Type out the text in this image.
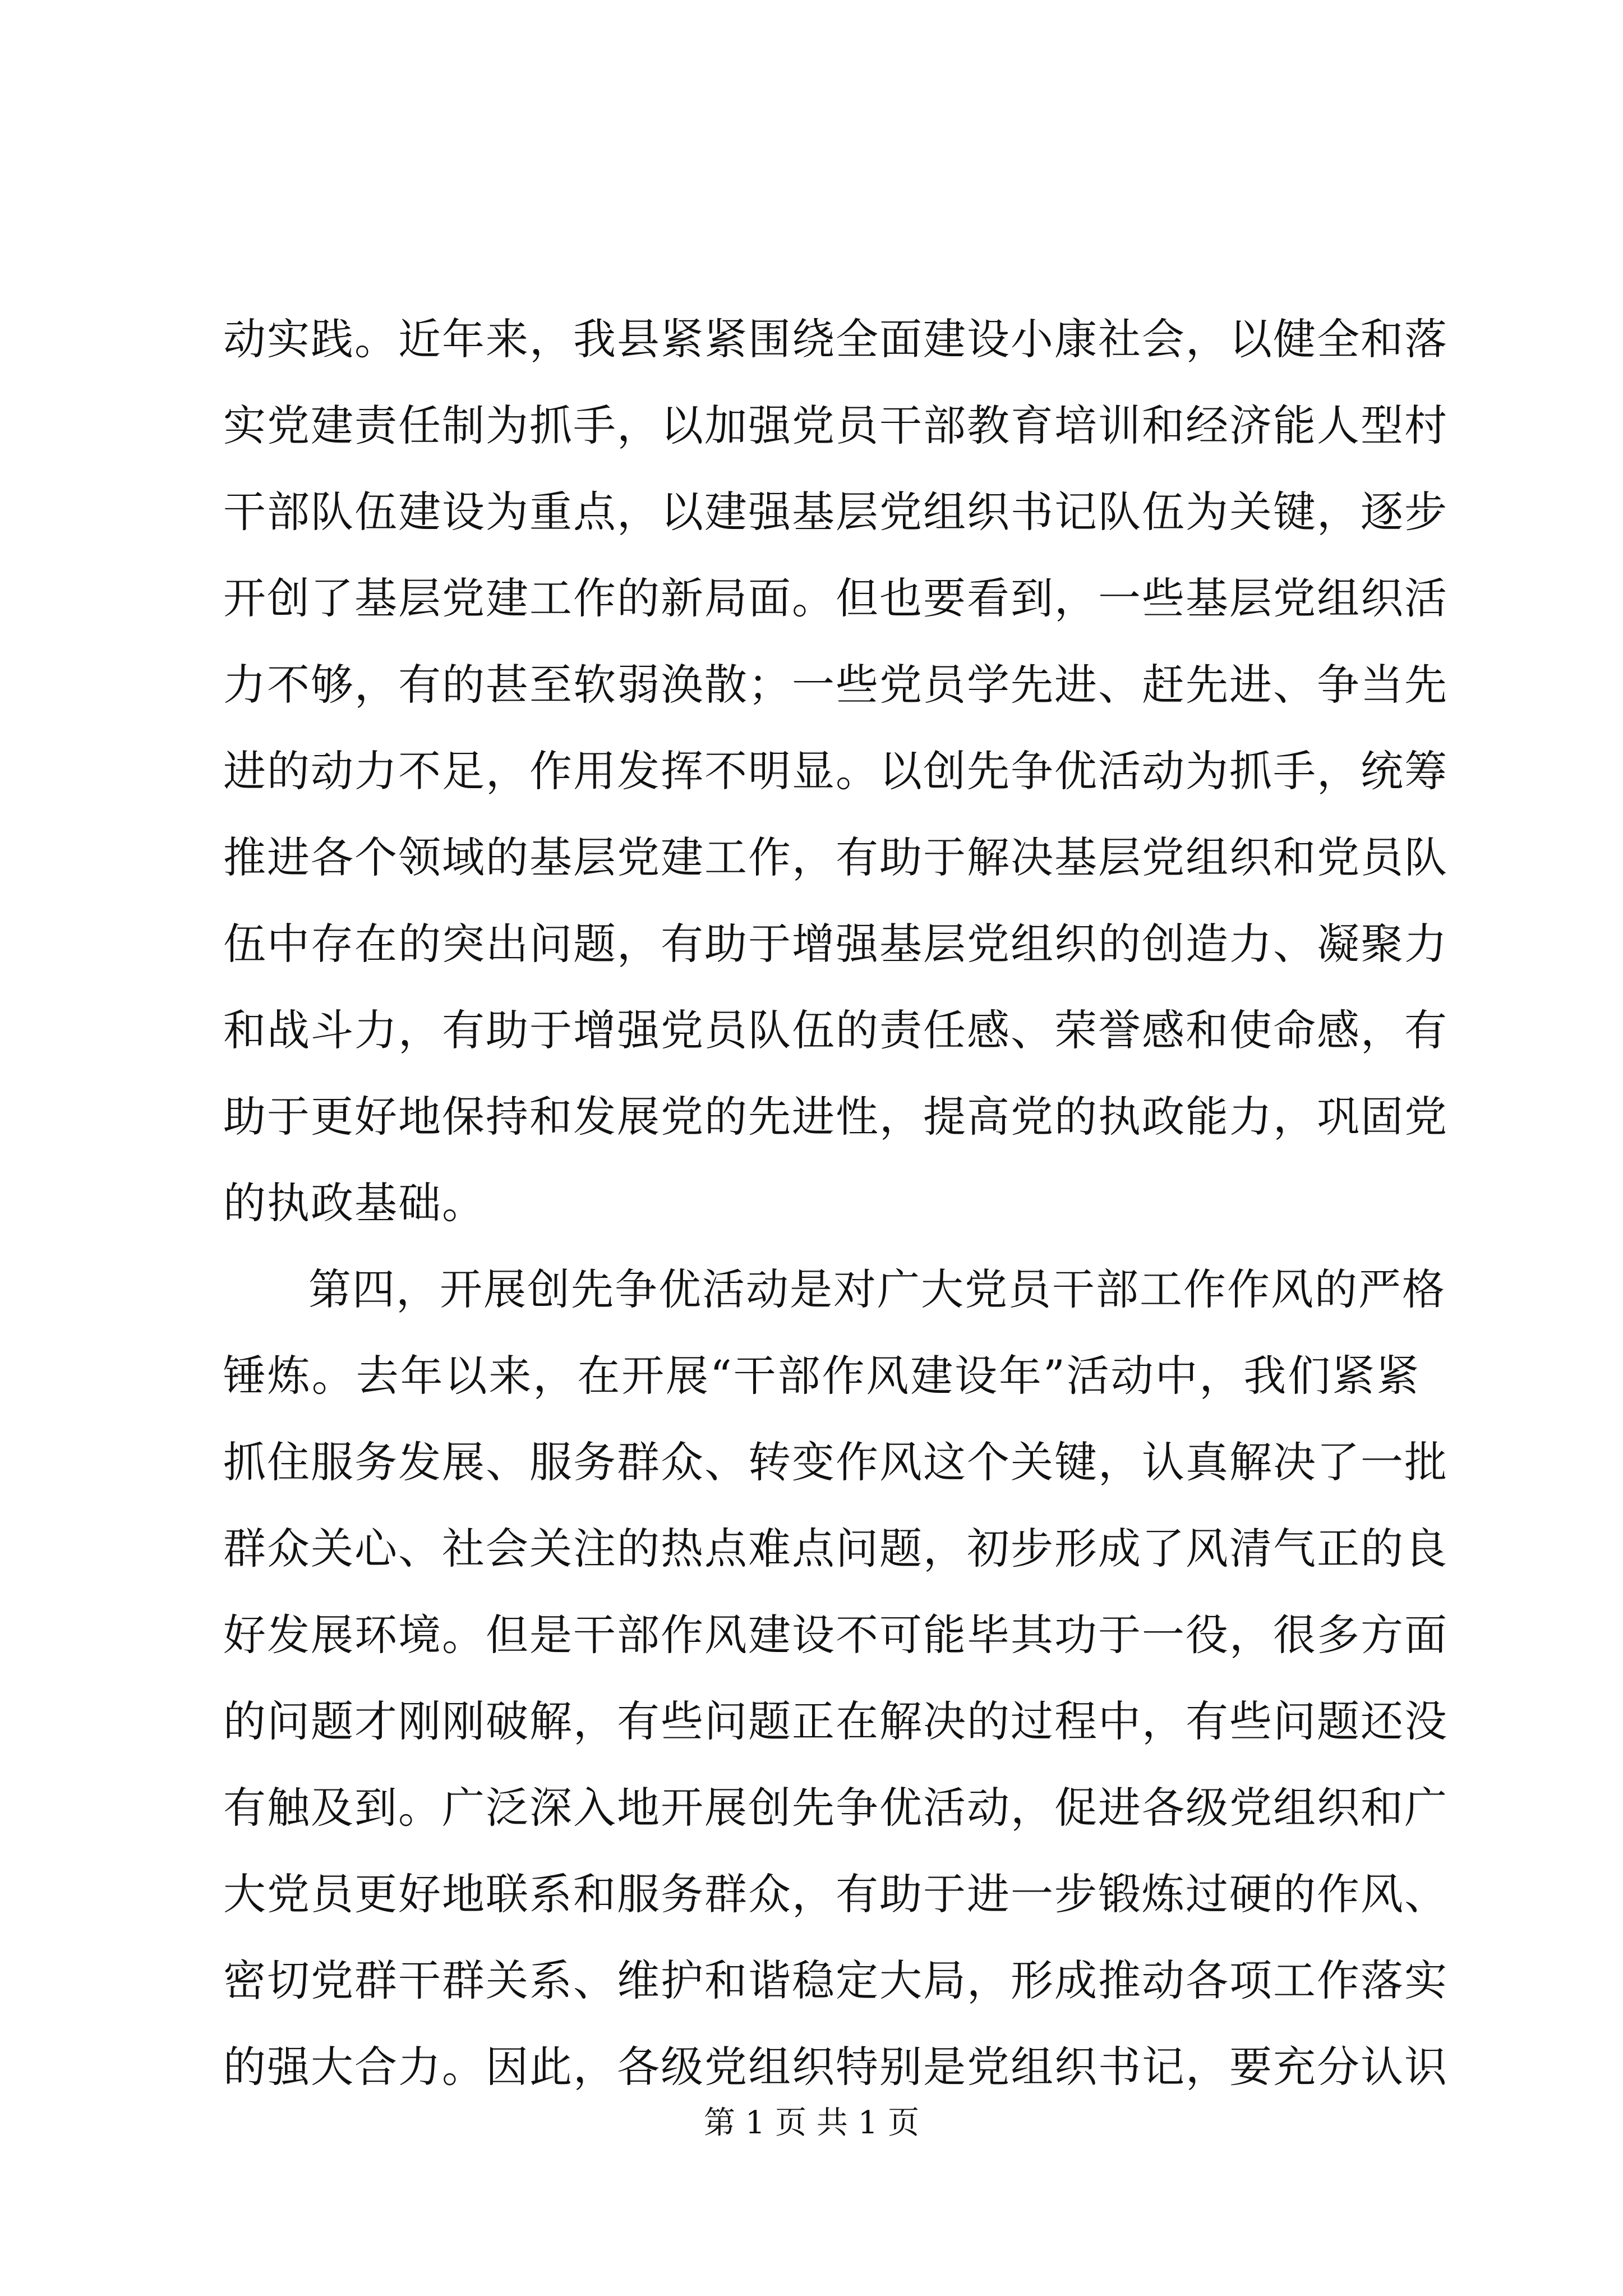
动实践。近年来，我县紧紧围绕全面建设小康社会，以健全和落
实党建责任制为抓手，以加强党员干部教育培训和经济能人型村
干部队伍建设为重点，以建强基层党组织书记队伍为关键，逐步
开创了基层党建工作的新局面。但也要看到，一些基层党组织活
力不够，有的甚至软弱涣散；一些党员学先进、赶先进、争当先
进的动力不足，作用发挥不明显。以创先争优活动为抓手，统筹
推进各个领域的基层党建工作，有助于解决基层党组织和党员队
伍中存在的突出问题，有助于增强基层党组织的创造力、凝聚力
和战斗力，有助于增强党员队伍的责任感、荣誉感和使命感，有
助于更好地保持和发展党的先进性，提高党的执政能力，巩固党
的执政基础。
第四，开展创先争优活动是对广大党员干部工作作风的严格
锤炼。去年以来，在开展“干部作风建设年”活动中，我们紧紧
抓住服务发展、服务群众、转变作风这个关键，认真解决了一批
群众关心、社会关注的热点难点问题，初步形成了风清气正的良
好发展环境。但是干部作风建设不可能毕其功于一役，很多方面
的问题才刚刚破解，有些问题正在解决的过程中，有些问题还没
有触及到。广泛深入地开展创先争优活动，促进各级党组织和广
大党员更好地联系和服务群众，有助于进一步锻炼过硬的作风、
密切党群干群关系、维护和谐稳定大局，形成推动各项工作落实
的强大合力。因此，各级党组织特别是党组织书记，要充分认识
第 1 页 共 1 页
